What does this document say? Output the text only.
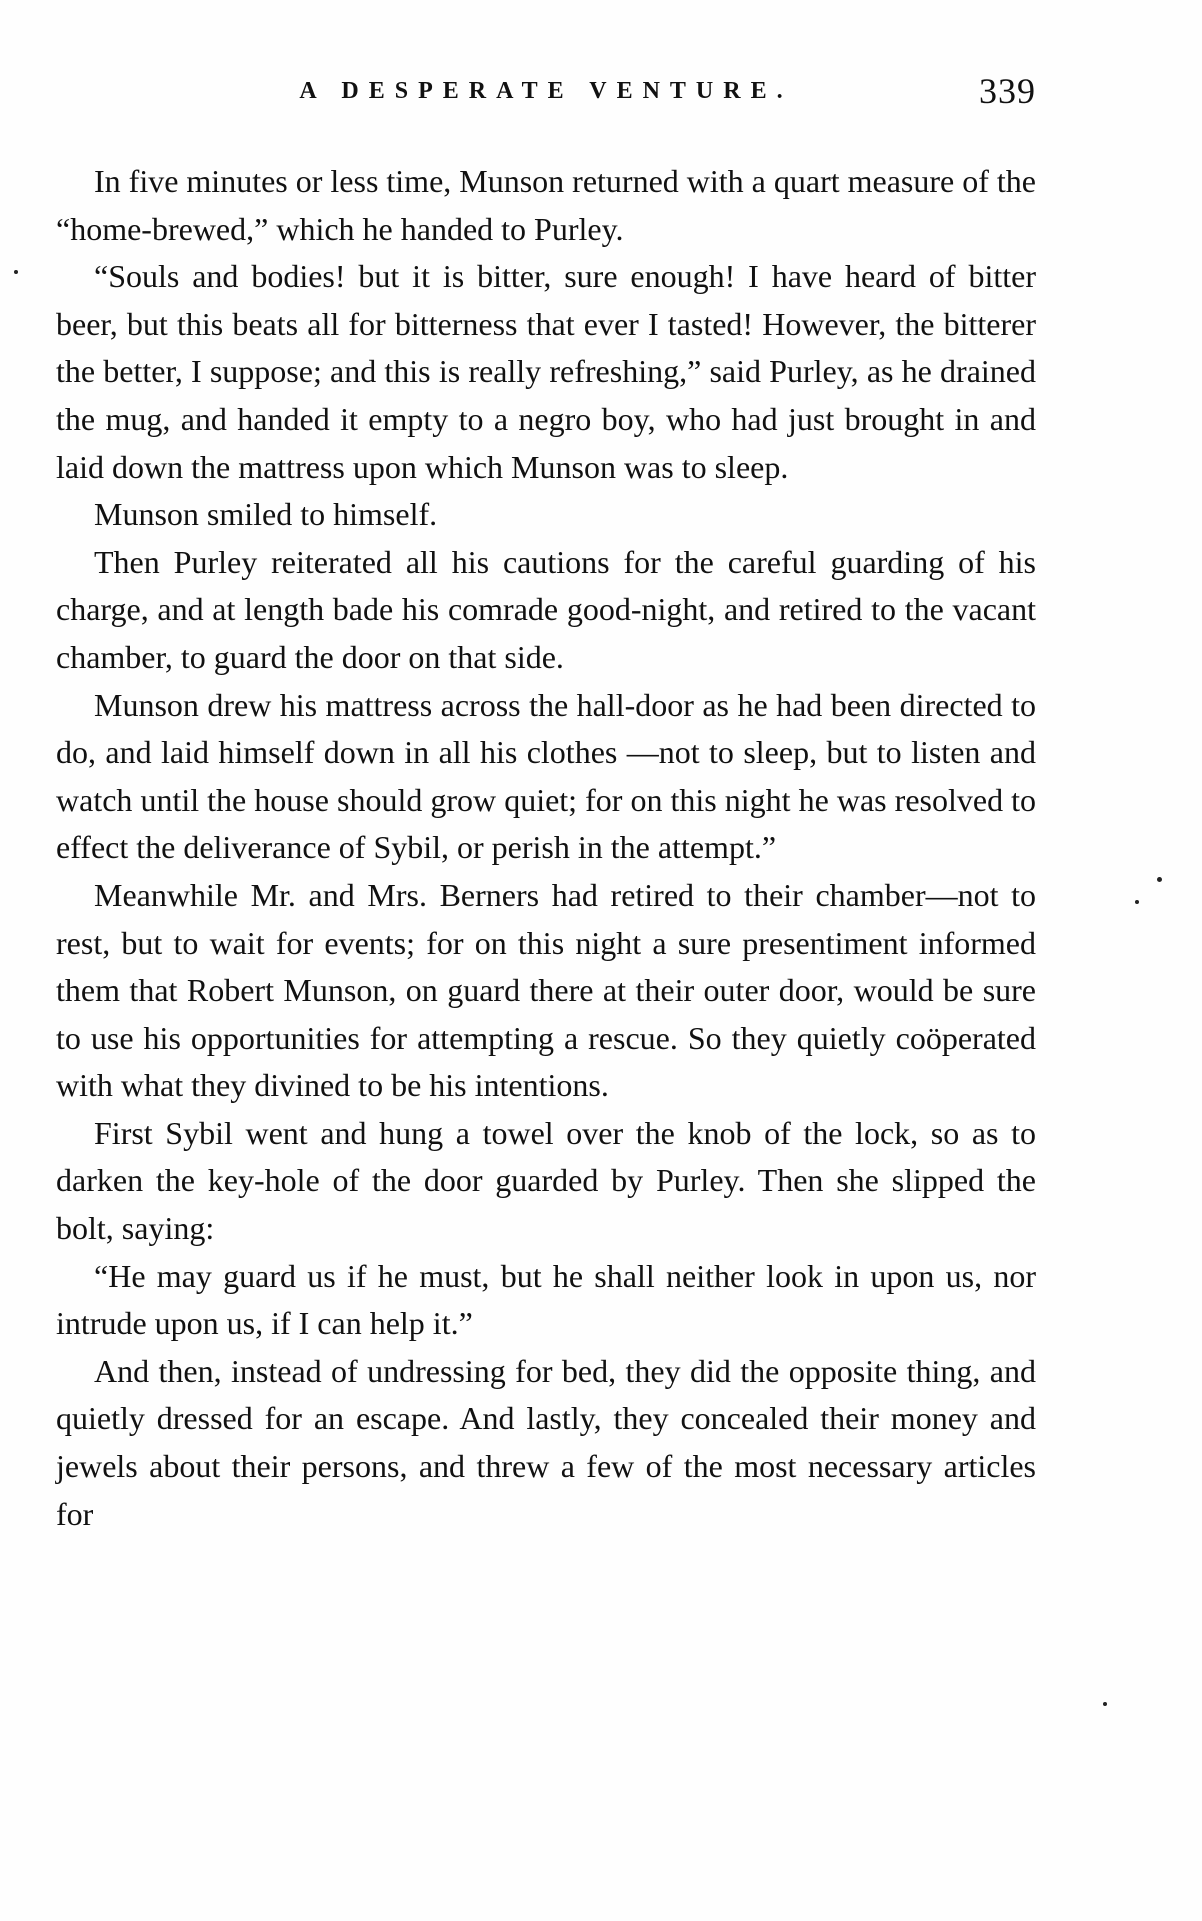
A DESPERATE VENTURE.	339

In five minutes or less time, Munson returned with a quart measure of the “home-brewed,” which he handed to Purley.

“Souls and bodies! but it is bitter, sure enough! I have heard of bitter beer, but this beats all for bitterness that ever I tasted! However, the bitterer the better, I suppose; and this is really refreshing,” said Purley, as he drained the mug, and handed it empty to a negro boy, who had just brought in and laid down the mattress upon which Munson was to sleep.

Munson smiled to himself.

Then Purley reiterated all his cautions for the careful guarding of his charge, and at length bade his comrade good-night, and retired to the vacant chamber, to guard the door on that side.

Munson drew his mattress across the hall-door as he had been directed to do, and laid himself down in all his clothes —not to sleep, but to listen and watch until the house should grow quiet; for on this night he was resolved to effect the deliverance of Sybil, or perish in the attempt.”

Meanwhile Mr. and Mrs. Berners had retired to their chamber—not to rest, but to wait for events; for on this night a sure presentiment informed them that Robert Munson, on guard there at their outer door, would be sure to use his opportunities for attempting a rescue. So they quietly coöperated with what they divined to be his intentions.

First Sybil went and hung a towel over the knob of the lock, so as to darken the key-hole of the door guarded by Purley. Then she slipped the bolt, saying:

“He may guard us if he must, but he shall neither look in upon us, nor intrude upon us, if I can help it.”

And then, instead of undressing for bed, they did the opposite thing, and quietly dressed for an escape. And lastly, they concealed their money and jewels about their persons, and threw a few of the most necessary articles for
